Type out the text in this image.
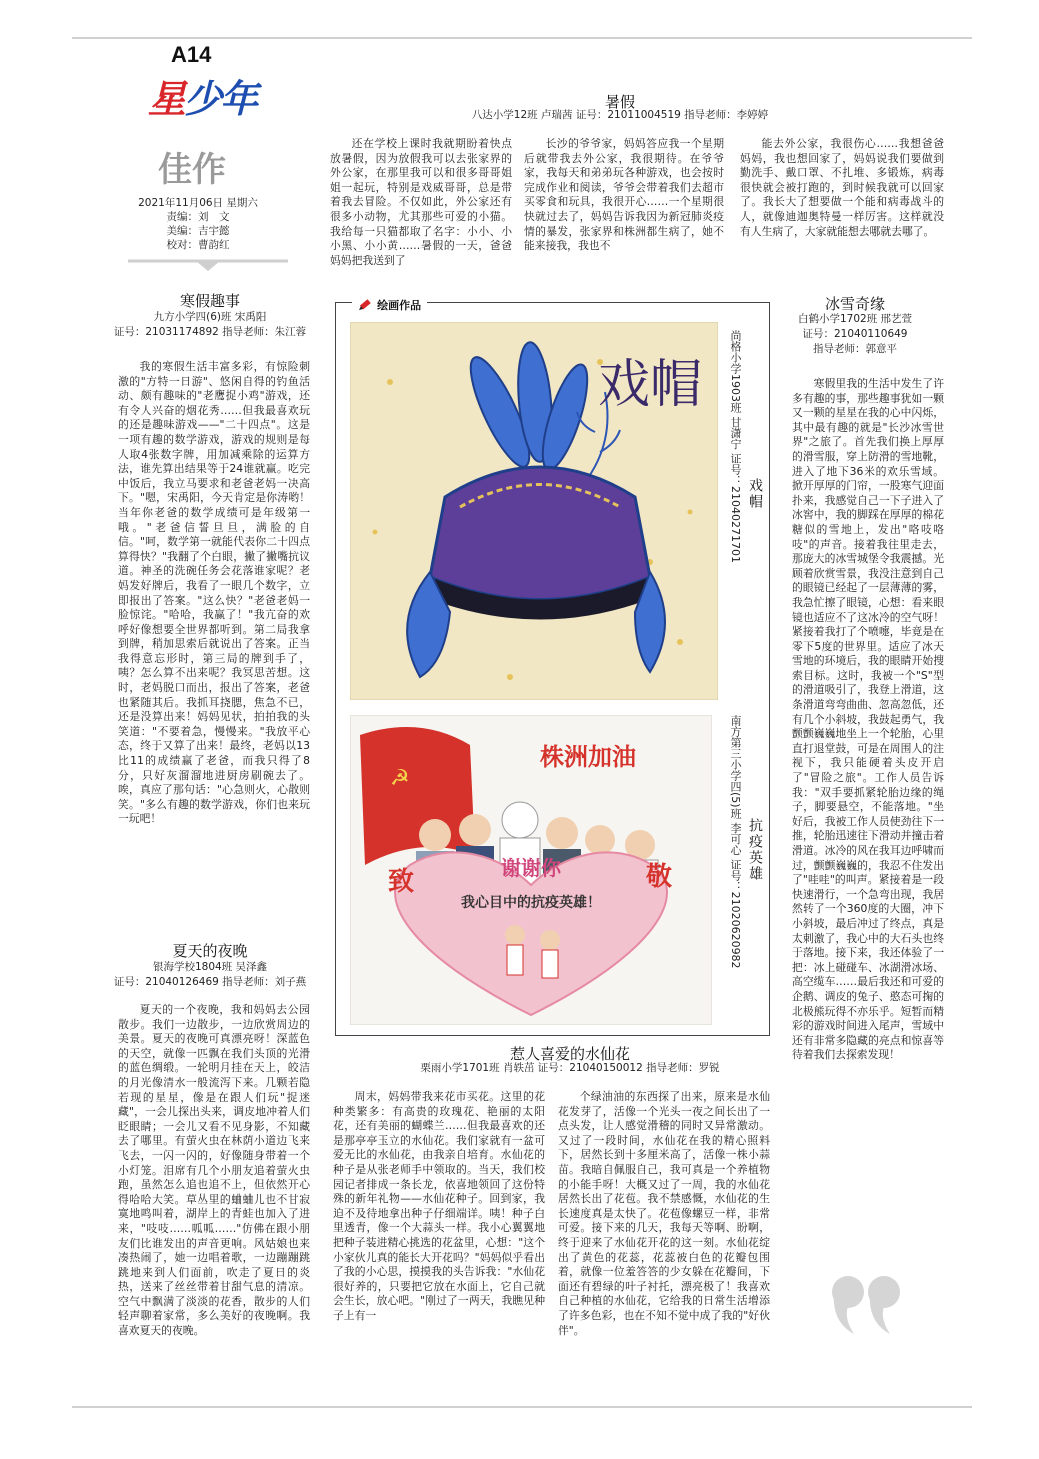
A14
星少年
佳作
2021年11月06日 星期六
责编：刘　文
美编：吉宇懿
校对：曹韵红
暑假
八达小学12班 卢瑞茜 证号：21011004519 指导老师：李婷婷

还在学校上课时我就期盼着快点放暑假，因为放假我可以去张家界的外公家，在那里我可以和很多哥哥姐姐一起玩，特别是戏威哥哥，总是带着我去冒险。不仅如此，外公家还有很多小动物，尤其那些可爱的小猫。我给每一只猫都取了名字：小小、小小黑、小小黄……暑假的一天，爸爸妈妈把我送到了

长沙的爷爷家，妈妈答应我一个星期后就带我去外公家，我很期待。在爷爷家，我每天和弟弟玩各种游戏，也会按时完成作业和阅读，爷爷会带着我们去超市买零食和玩具，我很开心……一个星期很快就过去了，妈妈告诉我因为新冠肺炎疫情的暴发，张家界和株洲都生病了，她不能来接我，我也不

能去外公家，我很伤心……我想爸爸妈妈，我也想回家了，妈妈说我们要做到勤洗手、戴口罩、不扎堆、多锻炼，病毒很快就会被打跑的，到时候我就可以回家了。我长大了想要做一个能和病毒战斗的人，就像迪迦奥特曼一样厉害。这样就没有人生病了，大家就能想去哪就去哪了。

寒假趣事
九方小学四(6)班 宋禹阳
证号：21031174892 指导老师：朱江蓉

我的寒假生活丰富多彩，有惊险刺激的"方特一日游"、悠闲自得的钓鱼活动、颇有趣味的"老鹰捉小鸡"游戏，还有令人兴奋的烟花秀……但我最喜欢玩的还是趣味游戏——"二十四点"。这是一项有趣的数学游戏，游戏的规则是每人取4张数字牌，用加减乘除的运算方法，谁先算出结果等于24谁就赢。吃完中饭后，我立马要求和老爸老妈一决高下。"嗯，宋禹阳，今天肯定是你涛哟！当年你老爸的数学成绩可是年级第一哦。"老爸信誓旦旦，满脸的自信。"呵，数学第一就能代表你二十四点算得快？"我翻了个白眼，撇了撇嘴抗议道。神圣的洗碗任务会花落谁家呢？老妈发好牌后，我看了一眼几个数字，立即报出了答案。"这么快？"老爸老妈一脸惊诧。"哈哈，我赢了！"我亢奋的欢呼好像想要全世界都听到。第二局我拿到牌，稍加思索后就说出了答案。正当我得意忘形时，第三局的牌到手了，咦？怎么算不出来呢？我冥思苦想。这时，老妈脱口而出，报出了答案，老爸也紧随其后。我抓耳挠腮，焦急不已，还是没算出来！妈妈见状，拍拍我的头笑道："不要着急，慢慢来。"我放平心态，终于又算了出来！最终，老妈以13比11的成绩赢了老爸，而我只得了8分，只好灰溜溜地进厨房刷碗去了。唉，真应了那句话："心急则火，心散则笑。"多么有趣的数学游戏，你们也来玩一玩吧！

夏天的夜晚
银海学校1804班 吴泽鑫
证号：21040126469 指导老师：刘子燕

夏天的一个夜晚，我和妈妈去公园散步。我们一边散步，一边欣赏周边的美景。夏天的夜晚可真漂亮呀！深蓝色的天空，就像一匹飘在我们头顶的光滑的蓝色绸缎。一轮明月挂在天上，皎洁的月光像清水一般流泻下来。几颗若隐若现的星星，像是在跟人们玩"捉迷藏"，一会儿探出头来，调皮地冲着人们眨眼睛；一会儿又看不见身影，不知藏去了哪里。有萤火虫在林荫小道边飞来飞去，一闪一闪的，好像随身带着一个小灯笼。泪席有几个小朋友追着萤火虫跑，虽然怎么追也追不上，但依然开心得哈哈大笑。草丛里的蛐蛐儿也不甘寂寞地鸣叫着，湖岸上的青蛙也加入了进来，"吱吱……呱呱……"仿佛在跟小朋友们比谁发出的声音更响。风姑娘也来凑热闹了，她一边唱着歌，一边蹦蹦跳跳地来到人们面前，吹走了夏日的炎热，送来了丝丝带着甘甜气息的清凉。空气中飘满了淡淡的花香，散步的人们轻声聊着家常，多么美好的夜晚啊。我喜欢夏天的夜晚。

冰雪奇缘
白鹤小学1702班 邢艺萱
证号：21040110649
指导老师：郭意平

寒假里我的生活中发生了许多有趣的事，那些趣事犹如一颗又一颗的星星在我的心中闪烁，其中最有趣的就是"长沙冰雪世界"之旅了。首先我们换上厚厚的滑雪服，穿上防滑的雪地靴，进入了地下36米的欢乐雪域。掀开厚厚的门帘，一股寒气迎面扑来，我感觉自己一下子进入了冰窖中，我的脚踩在厚厚的棉花糖似的雪地上，发出"咯吱咯吱"的声音。接着我往里走去，那庞大的冰雪城堡令我震撼。光顾着欣赏雪景，我没注意到自己的眼镜已经起了一层薄薄的雾，我急忙擦了眼镜，心想：看来眼镜也适应不了这冰冷的空气呀！紧接着我打了个喷嚏，毕竟是在零下5度的世界里。适应了冰天雪地的环境后，我的眼睛开始搜索目标。这时，我被一个"S"型的滑道吸引了，我登上滑道，这条滑道弯弯曲曲、忽高忽低，还有几个小斜坡，我鼓起勇气，我颤颤巍巍地坐上一个轮胎，心里直打退堂鼓，可是在周围人的注视下，我只能硬着头皮开启了"冒险之旅"。工作人员告诉我："双手要抓紧轮胎边缘的绳子，脚要悬空，不能落地。"坐好后，我被工作人员使劲往下一推，轮胎迅速往下滑动并撞击着滑道。冰冷的风在我耳边呼啸而过，颤颤巍巍的，我忍不住发出了"哇哇"的叫声。紧接着是一段快速滑行，一个急弯出现，我居然转了一个360度的大圈，冲下小斜坡，最后冲过了终点，真是太刺激了，我心中的大石头也终于落地。接下来，我还体验了一把：冰上碰碰车、冰湖滑冰场、高空缆车……最后我还和可爱的企鹅、调皮的兔子、憨态可掬的北极熊玩得不亦乐乎。短暂而精彩的游戏时间进入尾声，雪域中还有非常多隐藏的亮点和惊喜等待着我们去探索发现！

绘画作品
戏帽 尚格小学1903班 甘潇宁 证号：21040271701 戏帽
☭
株洲加油
谢谢你
我心目中的抗疫英雄！
致	敬	南方第三小学四(5)班 李可心 证号：21020620982 抗疫英雄
惹人喜爱的水仙花
栗雨小学1701班 肖轶茁 证号：21040150012 指导老师：罗锐

周末，妈妈带我来花市买花。这里的花种类繁多：有高贵的玫瑰花、艳丽的太阳花，还有美丽的蝴蝶兰……但我最喜欢的还是那亭亭玉立的水仙花。我们家就有一盆可爱无比的水仙花，由我亲自培育。水仙花的种子是从张老师手中领取的。当天，我们校园记者排成一条长龙，依喜地领回了这份特殊的新年礼物——水仙花种子。回到家，我迫不及待地拿出种子仔细端详。咦！种子白里透青，像一个大蒜头一样。我小心翼翼地把种子装进精心挑选的花盆里，心想："这个小家伙儿真的能长大开花吗？"妈妈似乎看出了我的小心思，摸摸我的头告诉我："水仙花很好养的，只要把它放在水面上，它自己就会生长，放心吧。"刚过了一两天，我瞧见种子上有一

个绿油油的东西探了出来，原来是水仙花发芽了，活像一个光头一夜之间长出了一点头发，让人感觉滑稽的同时又异常激动。又过了一段时间，水仙花在我的精心照料下，居然长到十多厘米高了，活像一株小蒜苗。我暗自佩服自己，我可真是一个养植物的小能手呀！大概又过了一周，我的水仙花居然长出了花苞。我不禁感慨，水仙花的生长速度真是太快了。花苞像螺豆一样，非常可爱。接下来的几天，我每天等啊、盼啊，终于迎来了水仙花开花的这一刻。水仙花绽出了黄色的花蕊，花蕊被白色的花瓣包围着，就像一位羞答答的少女躲在花瓣间，下面还有碧绿的叶子衬托，漂亮极了！我喜欢自己种植的水仙花，它给我的日常生活增添了许多色彩，也在不知不觉中成了我的"好伙伴"。
